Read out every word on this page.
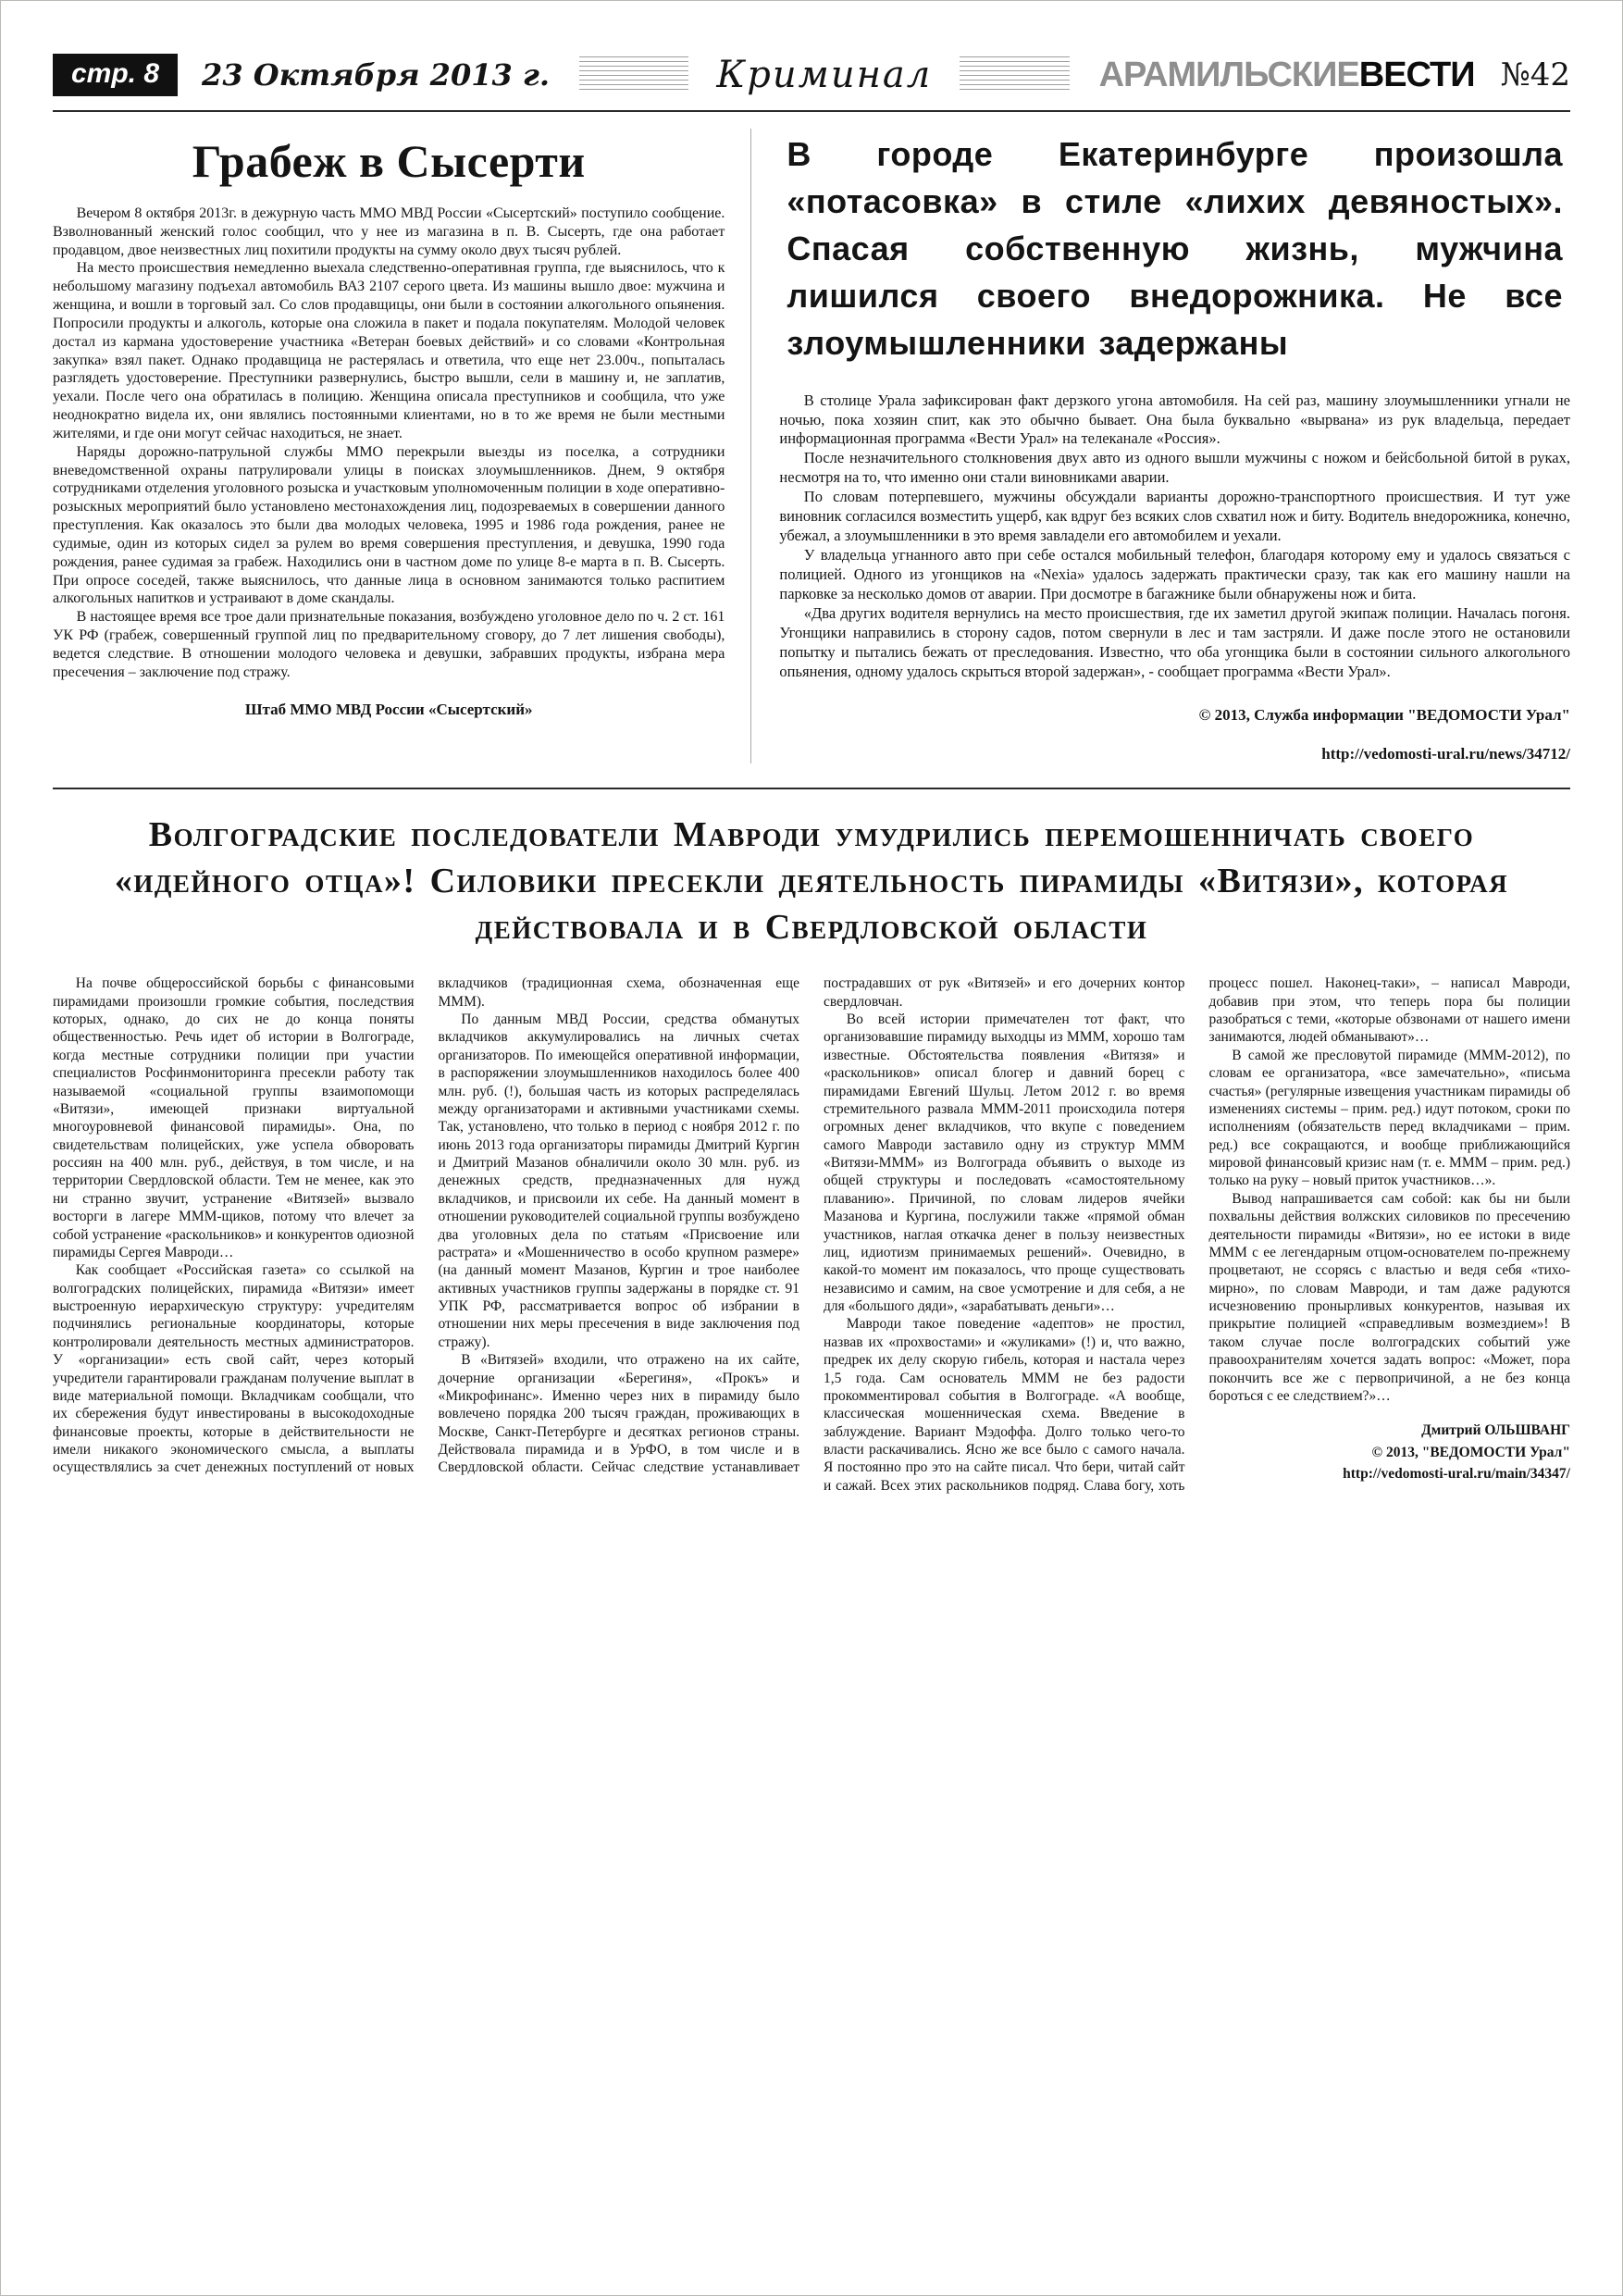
стр. 8	23 Октября 2013 г.	Криминал	АРАМИЛЬСКИЕВЕСТИ №42
Грабеж в Сысерти

Вечером 8 октября 2013г. в дежурную часть ММО МВД России «Сысертский» поступило сообщение. Взволнованный женский голос сообщил, что у нее из магазина в п. В. Сысерть, где она работает продавцом, двое неизвестных лиц похитили продукты на сумму около двух тысяч рублей.

На место происшествия немедленно выехала следственно-оперативная группа, где выяснилось, что к небольшому магазину подъехал автомобиль ВАЗ 2107 серого цвета. Из машины вышло двое: мужчина и женщина, и вошли в торговый зал. Со слов продавщицы, они были в состоянии алкогольного опьянения. Попросили продукты и алкоголь, которые она сложила в пакет и подала покупателям. Молодой человек достал из кармана удостоверение участника «Ветеран боевых действий» и со словами «Контрольная закупка» взял пакет. Однако продавщица не растерялась и ответила, что еще нет 23.00ч., попыталась разглядеть удостоверение. Преступники развернулись, быстро вышли, сели в машину и, не заплатив, уехали. После чего она обратилась в полицию. Женщина описала преступников и сообщила, что уже неоднократно видела их, они являлись постоянными клиентами, но в то же время не были местными жителями, и где они могут сейчас находиться, не знает.

Наряды дорожно-патрульной службы ММО перекрыли выезды из поселка, а сотрудники вневедомственной охраны патрулировали улицы в поисках злоумышленников. Днем, 9 октября сотрудниками отделения уголовного розыска и участковым уполномоченным полиции в ходе оперативно-розыскных мероприятий было установлено местонахождения лиц, подозреваемых в совершении данного преступления. Как оказалось это были два молодых человека, 1995 и 1986 года рождения, ранее не судимые, один из которых сидел за рулем во время совершения преступления, и девушка, 1990 года рождения, ранее судимая за грабеж. Находились они в частном доме по улице 8-е марта в п. В. Сысерть. При опросе соседей, также выяснилось, что данные лица в основном занимаются только распитием алкогольных напитков и устраивают в доме скандалы.

В настоящее время все трое дали признательные показания, возбуждено уголовное дело по ч. 2 ст. 161 УК РФ (грабеж, совершенный группой лиц по предварительному сговору, до 7 лет лишения свободы), ведется следствие. В отношении молодого человека и девушки, забравших продукты, избрана мера пресечения – заключение под стражу.

Штаб ММО МВД России «Сысертский»

В городе Екатеринбурге произошла «потасовка» в стиле «лихих девяностых». Спасая собственную жизнь, мужчина лишился своего внедорожника. Не все злоумышленники задержаны

В столице Урала зафиксирован факт дерзкого угона автомобиля. На сей раз, машину злоумышленники угнали не ночью, пока хозяин спит, как это обычно бывает. Она была буквально «вырвана» из рук владельца, передает информационная программа «Вести Урал» на телеканале «Россия».

После незначительного столкновения двух авто из одного вышли мужчины с ножом и бейсбольной битой в руках, несмотря на то, что именно они стали виновниками аварии.

По словам потерпевшего, мужчины обсуждали варианты дорожно-транспортного происшествия. И тут уже виновник согласился возместить ущерб, как вдруг без всяких слов схватил нож и биту. Водитель внедорожника, конечно, убежал, а злоумышленники в это время завладели его автомобилем и уехали.

У владельца угнанного авто при себе остался мобильный телефон, благодаря которому ему и удалось связаться с полицией. Одного из угонщиков на «Nexia» удалось задержать практически сразу, так как его машину нашли на парковке за несколько домов от аварии. При досмотре в багажнике были обнаружены нож и бита.

«Два других водителя вернулись на место происшествия, где их заметил другой экипаж полиции. Началась погоня. Угонщики направились в сторону садов, потом свернули в лес и там застряли. И даже после этого не остановили попытку и пытались бежать от преследования. Известно, что оба угонщика были в состоянии сильного алкогольного опьянения, одному удалось скрыться второй задержан», - сообщает программа «Вести Урал».

© 2013, Служба информации "ВЕДОМОСТИ Урал"

http://vedomosti-ural.ru/news/34712/

Волгоградские последователи Мавроди умудрились перемошенничать своего «идейного отца»! Силовики пресекли деятельность пирамиды «Витязи», которая действовала и в Свердловской области

На почве общероссийской борьбы с финансовыми пирамидами произошли громкие события, последствия которых, однако, до сих не до конца поняты общественностью. Речь идет об истории в Волгограде, когда местные сотрудники полиции при участии специалистов Росфинмониторинга пресекли работу так называемой «социальной группы взаимопомощи «Витязи», имеющей признаки виртуальной многоуровневой финансовой пирамиды». Она, по свидетельствам полицейских, уже успела обворовать россиян на 400 млн. руб., действуя, в том числе, и на территории Свердловской области. Тем не менее, как это ни странно звучит, устранение «Витязей» вызвало восторги в лагере МММ-щиков, потому что влечет за собой устранение «раскольников» и конкурентов одиозной пирамиды Сергея Мавроди…

Как сообщает «Российская газета» со ссылкой на волгоградских полицейских, пирамида «Витязи» имеет выстроенную иерархическую структуру: учредителям подчинялись региональные координаторы, которые контролировали деятельность местных администраторов. У «организации» есть свой сайт, через который учредители гарантировали гражданам получение выплат в виде материальной помощи. Вкладчикам сообщали, что их сбережения будут инвестированы в высокодоходные финансовые проекты, которые в действительности не имели никакого экономического смысла, а выплаты осуществлялись за счет денежных поступлений от новых вкладчиков (традиционная схема, обозначенная еще МММ).

По данным МВД России, средства обманутых вкладчиков аккумулировались на личных счетах организаторов. По имеющейся оперативной информации, в распоряжении злоумышленников находилось более 400 млн. руб. (!), большая часть из которых распределялась между организаторами и активными участниками схемы. Так, установлено, что только в период с ноября 2012 г. по июнь 2013 года организаторы пирамиды Дмитрий Кургин и Дмитрий Мазанов обналичили около 30 млн. руб. из денежных средств, предназначенных для нужд вкладчиков, и присвоили их себе. На данный момент в отношении руководителей социальной группы возбуждено два уголовных дела по статьям «Присвоение или растрата» и «Мошенничество в особо крупном размере» (на данный момент Мазанов, Кургин и трое наиболее активных участников группы задержаны в порядке ст. 91 УПК РФ, рассматривается вопрос об избрании в отношении них меры пресечения в виде заключения под стражу).

В «Витязей» входили, что отражено на их сайте, дочерние организации «Берегиня», «Прокъ» и «Микрофинанс». Именно через них в пирамиду было вовлечено порядка 200 тысяч граждан, проживающих в Москве, Санкт-Петербурге и десятках регионов страны. Действовала пирамида и в УрФО, в том числе и в Свердловской области. Сейчас следствие устанавливает пострадавших от рук «Витязей» и его дочерних контор свердловчан.

Во всей истории примечателен тот факт, что организовавшие пирамиду выходцы из МММ, хорошо там известные. Обстоятельства появления «Витязя» и «раскольников» описал блогер и давний борец с пирамидами Евгений Шульц. Летом 2012 г. во время стремительного развала МММ-2011 происходила потеря огромных денег вкладчиков, что вкупе с поведением самого Мавроди заставило одну из структур МММ «Витязи-МММ» из Волгограда объявить о выходе из общей структуры и последовать «самостоятельному плаванию». Причиной, по словам лидеров ячейки Мазанова и Кургина, послужили также «прямой обман участников, наглая откачка денег в пользу неизвестных лиц, идиотизм принимаемых решений». Очевидно, в какой-то момент им показалось, что проще существовать независимо и самим, на свое усмотрение и для себя, а не для «большого дяди», «зарабатывать деньги»…

Мавроди такое поведение «адептов» не простил, назвав их «прохвостами» и «жуликами» (!) и, что важно, предрек их делу скорую гибель, которая и настала через 1,5 года. Сам основатель МММ не без радости прокомментировал события в Волгограде. «А вообще, классическая мошенническая схема. Введение в заблуждение. Вариант Мэдоффа. Долго только чего-то власти раскачивались. Ясно же все было с самого начала. Я постоянно про это на сайте писал. Что бери, читай сайт и сажай. Всех этих раскольников подряд. Слава богу, хоть процесс пошел. Наконец-таки», – написал Мавроди, добавив при этом, что теперь пора бы полиции разобраться с теми, «которые обзвонами от нашего имени занимаются, людей обманывают»…

В самой же пресловутой пирамиде (МММ-2012), по словам ее организатора, «все замечательно», «письма счастья» (регулярные извещения участникам пирамиды об изменениях системы – прим. ред.) идут потоком, сроки по исполнениям (обязательств перед вкладчиками – прим. ред.) все сокращаются, и вообще приближающийся мировой финансовый кризис нам (т. е. МММ – прим. ред.) только на руку – новый приток участников…».

Вывод напрашивается сам собой: как бы ни были похвальны действия волжских силовиков по пресечению деятельности пирамиды «Витязи», но ее истоки в виде МММ с ее легендарным отцом-основателем по-прежнему процветают, не ссорясь с властью и ведя себя «тихо-мирно», по словам Мавроди, и там даже радуются исчезновению пронырливых конкурентов, называя их прикрытие полицией «справедливым возмездием»! В таком случае после волгоградских событий уже правоохранителям хочется задать вопрос: «Может, пора покончить все же с первопричиной, а не без конца бороться с ее следствием?»…

Дмитрий ОЛЬШВАНГ

© 2013, "ВЕДОМОСТИ Урал"

http://vedomosti-ural.ru/main/34347/
